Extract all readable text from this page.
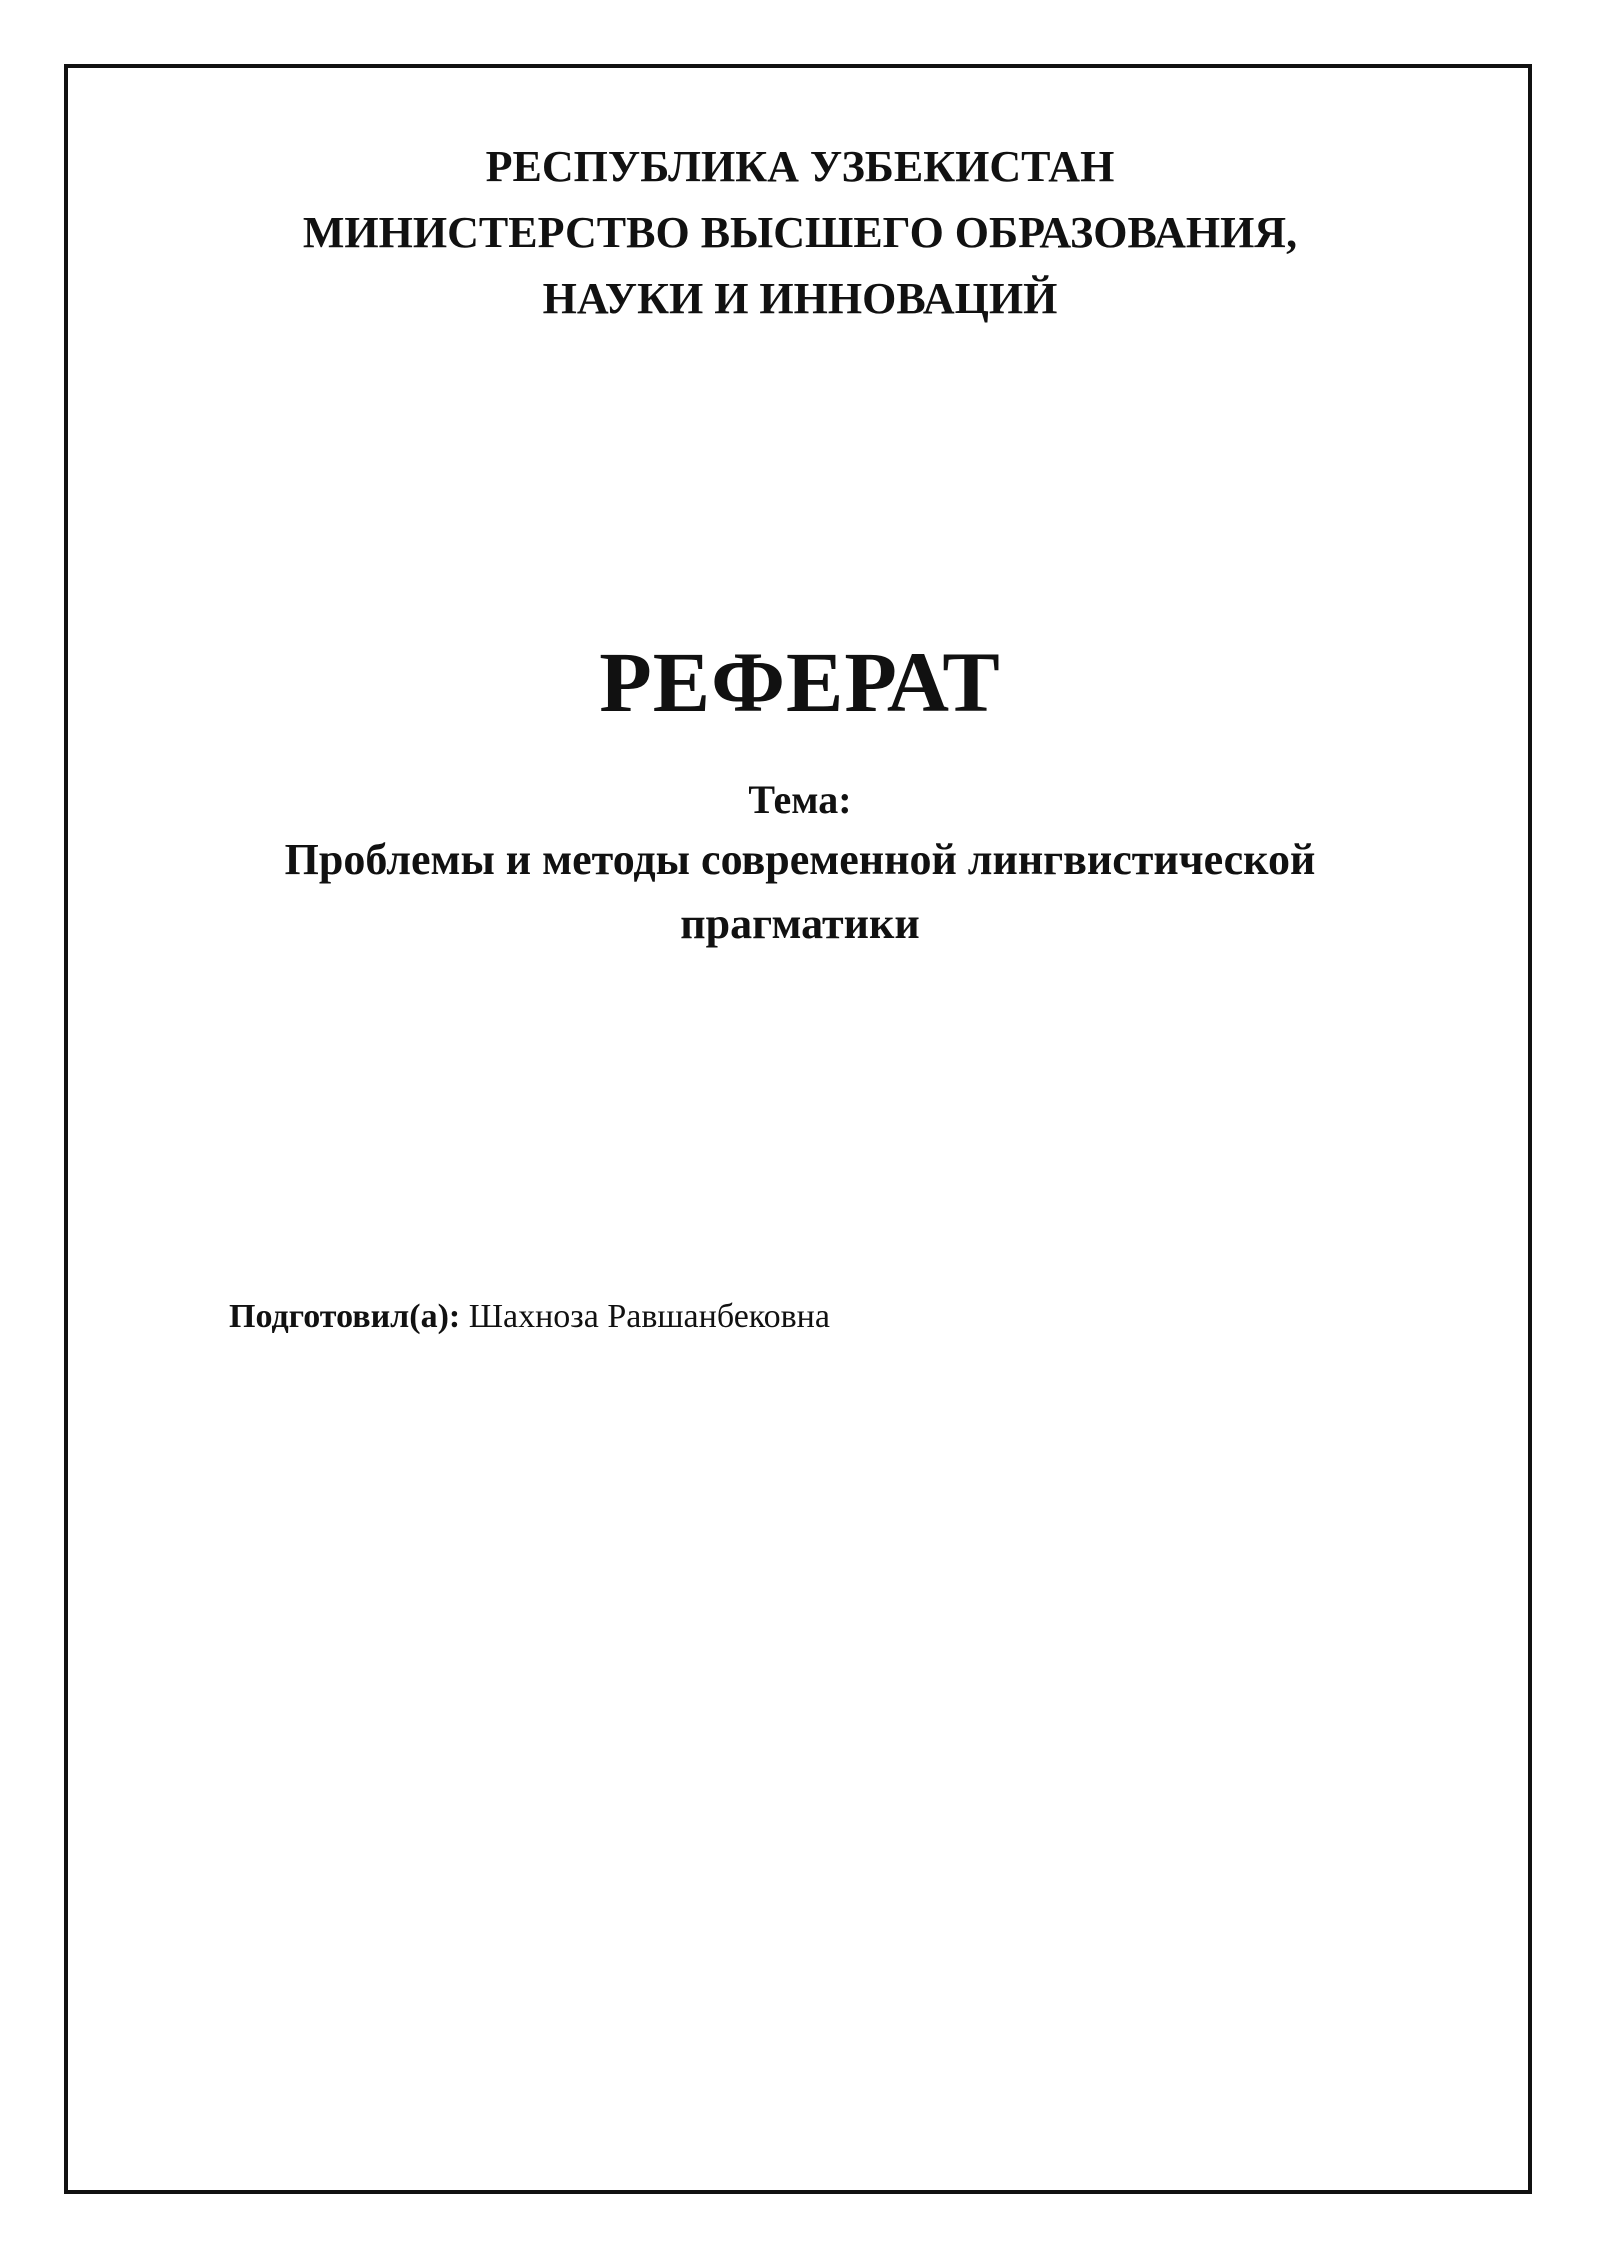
РЕСПУБЛИКА УЗБЕКИСТАН
МИНИСТЕРСТВО ВЫСШЕГО ОБРАЗОВАНИЯ,
НАУКИ И ИННОВАЦИЙ
РЕФЕРАТ
Тема:
Проблемы и методы современной лингвистической
прагматики
Подготовил(а): Шахноза Равшанбековна
